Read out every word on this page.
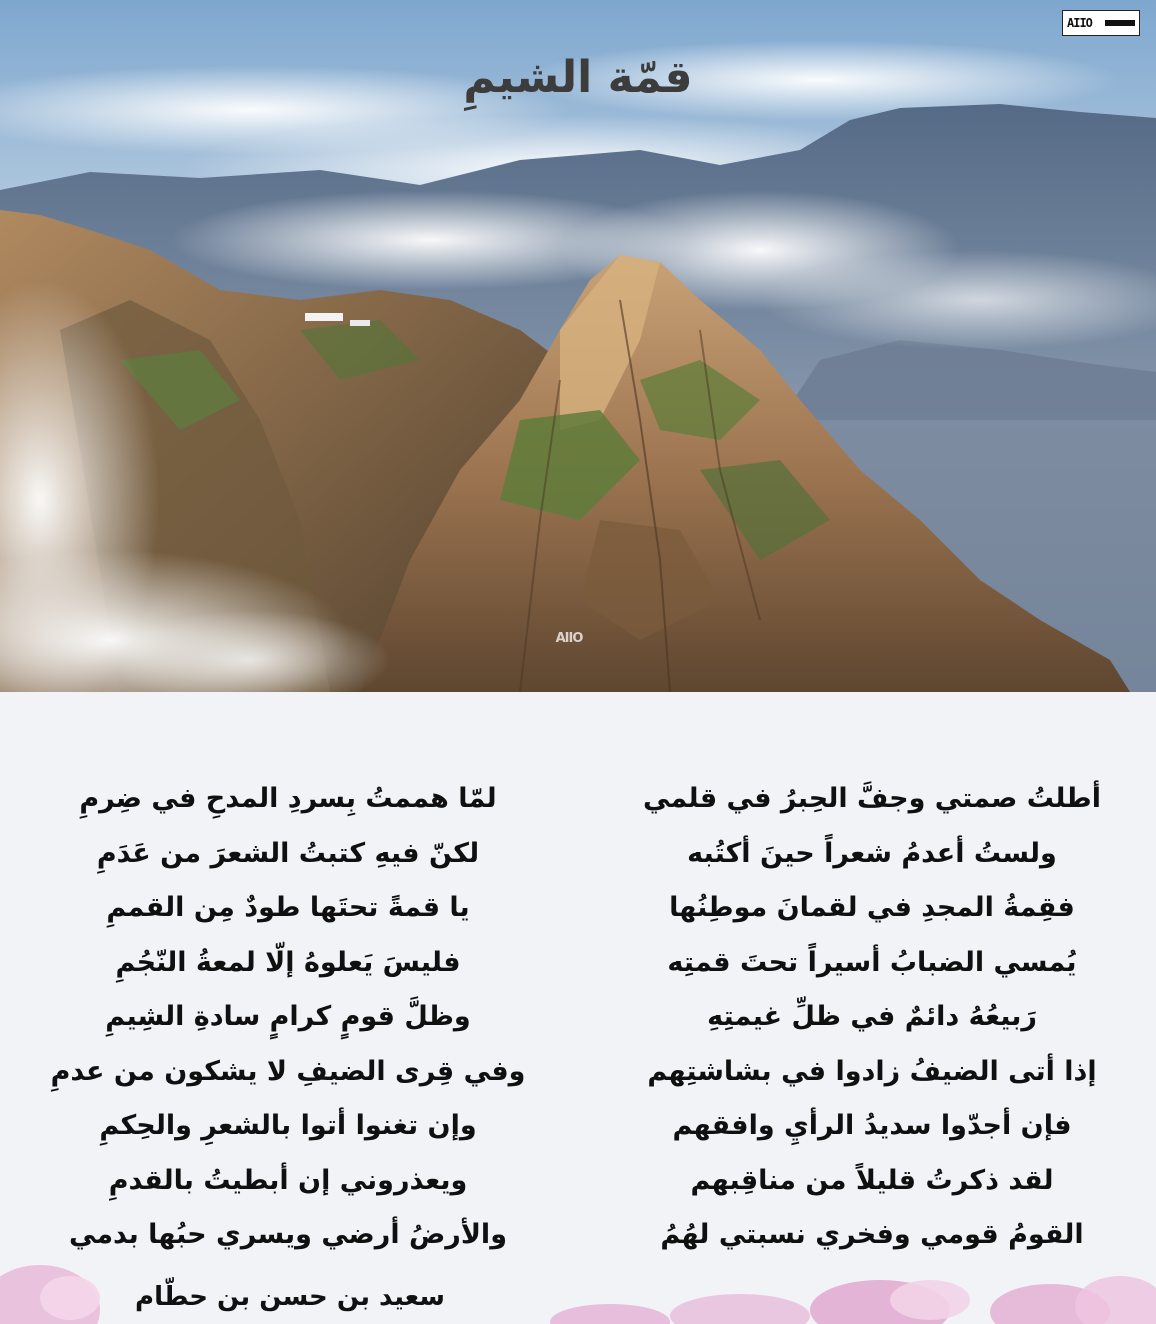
AIIO
AIIO
قمّة الشيمِ
أطلتُ صمتي وجفَّ الحِبرُ في قلمي
ولستُ أعدمُ شعراً حينَ أكتُبه
فقِمةُ المجدِ في لقمانَ موطِنُها
يُمسي الضبابُ أسيراً تحتَ قمتِه
رَبيعُهُ دائمٌ في ظلِّ غيمتِهِ
إذا أتى الضيفُ زادوا في بشاشتِهم
فإن أجدّوا سديدُ الرأيِ وافقهم
لقد ذكرتُ قليلاً من مناقِبهم
القومُ قومي وفخري نسبتي لهُمُ
لمّا هممتُ بِسردِ المدحِ في ضِرمِ
لكنّ فيهِ كتبتُ الشعرَ من عَدَمِ
يا قمةً تحتَها طودٌ مِن القممِ
فليسَ يَعلوهُ إلّا لمعةُ النّجُمِ
وظلَّ قومٍ كرامٍ سادةِ الشِيمِ
وفي قِرى الضيفِ لا يشكون من عدمِ
وإن تغنوا أتوا بالشعرِ والحِكمِ
ويعذروني إن أبطيتُ بالقدمِ
والأرضُ أرضي ويسري حبُها بدمي
سعيد بن حسن بن حطّام
